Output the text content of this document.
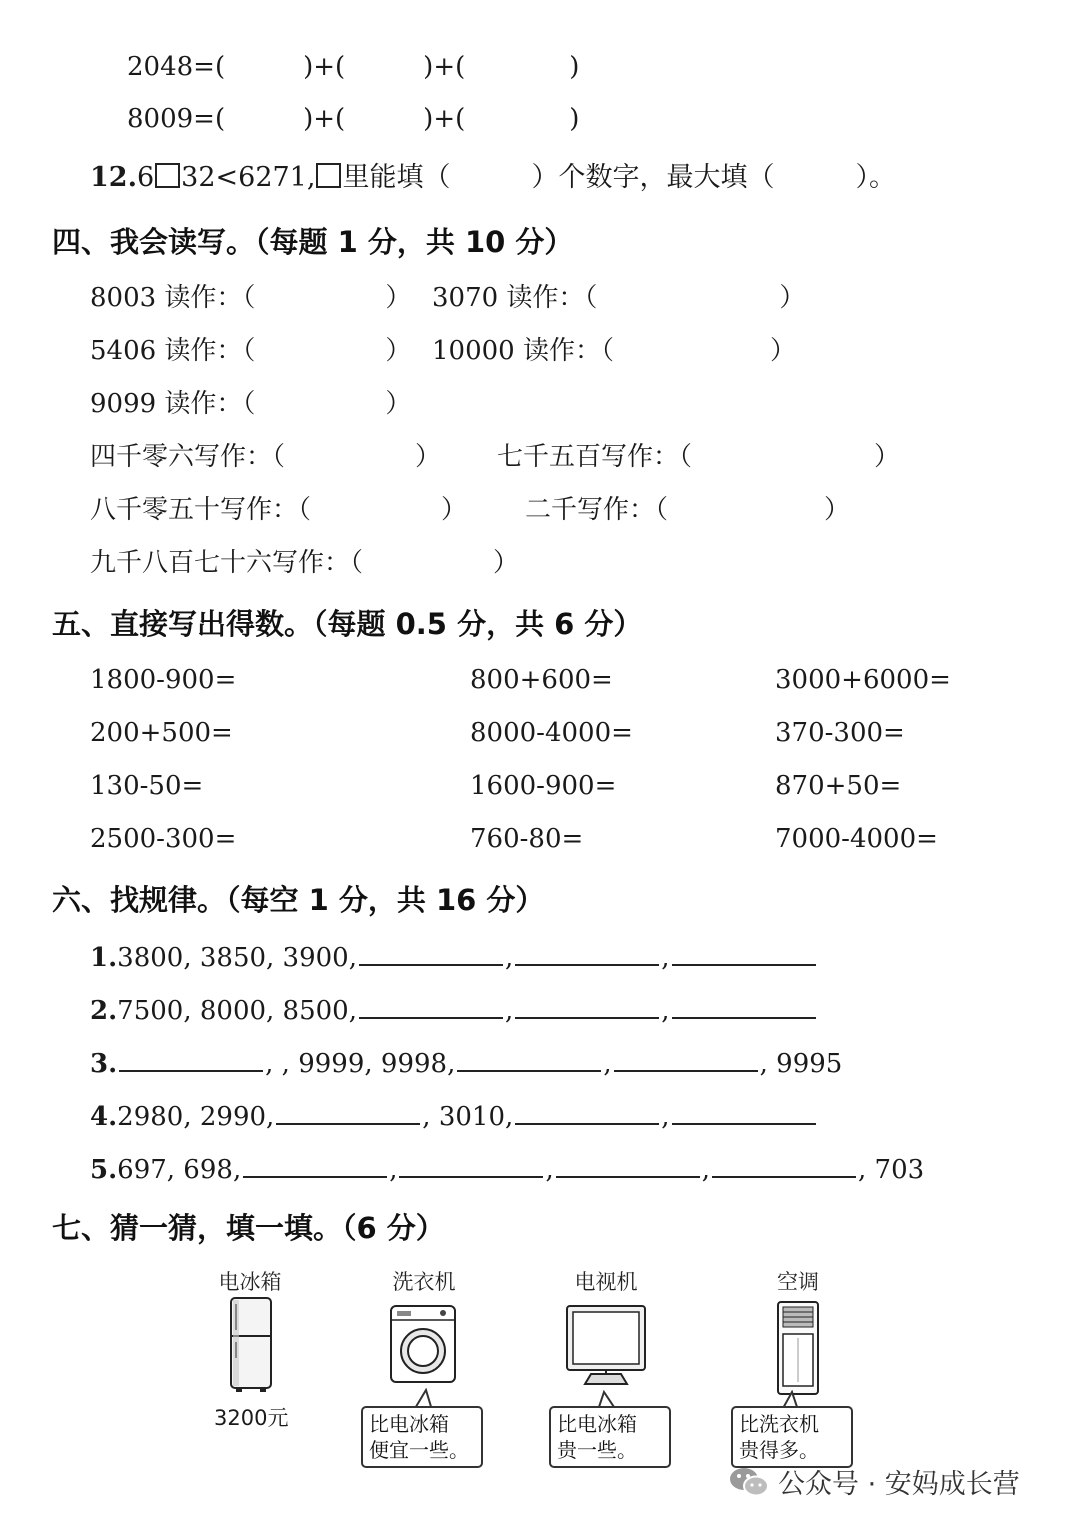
2048=(　　　)+(　　　)+(　　　　)
8009=(　　　)+(　　　)+(　　　　)
12.6 32<6271, 里能填（　　　）个数字，最大填（　　　）。
四、我会读写。（每题 1 分，共 10 分）
8003 读作：（　　　　　） 3070 读作：（　　　　　　　）
5406 读作：（　　　　　） 10000 读作：（　　　　　　）
9099 读作：（　　　　　）
四千零六写作：（　　　　　） 七千五百写作：（　　　　　　　）
八千零五十写作：（　　　　　） 二千写作：（　　　　　　）
九千八百七十六写作：（　　　　　）
五、直接写出得数。（每题 0.5 分，共 6 分）
1800-900=	800+600=	3000+6000=
200+500=	8000-4000=	370-300=
130-50=	1600-900=	870+50=
2500-300=	760-80=	7000-4000=
六、找规律。（每空 1 分，共 16 分）
1.3800, 3850, 3900,	,	,
2.7500, 8000, 8500,	,	,
3.	, , 9999, 9998,	,	, 9995
4.2980, 2990,	, 3010,	,
5.697, 698,	,	,	,	, 703
七、猜一猜，填一填。（6 分）
电冰箱
3200元
洗衣机
比电冰箱
便宜一些。
电视机
比电冰箱
贵一些。
空调
比洗衣机
贵得多。
公众号 · 安妈成长营
